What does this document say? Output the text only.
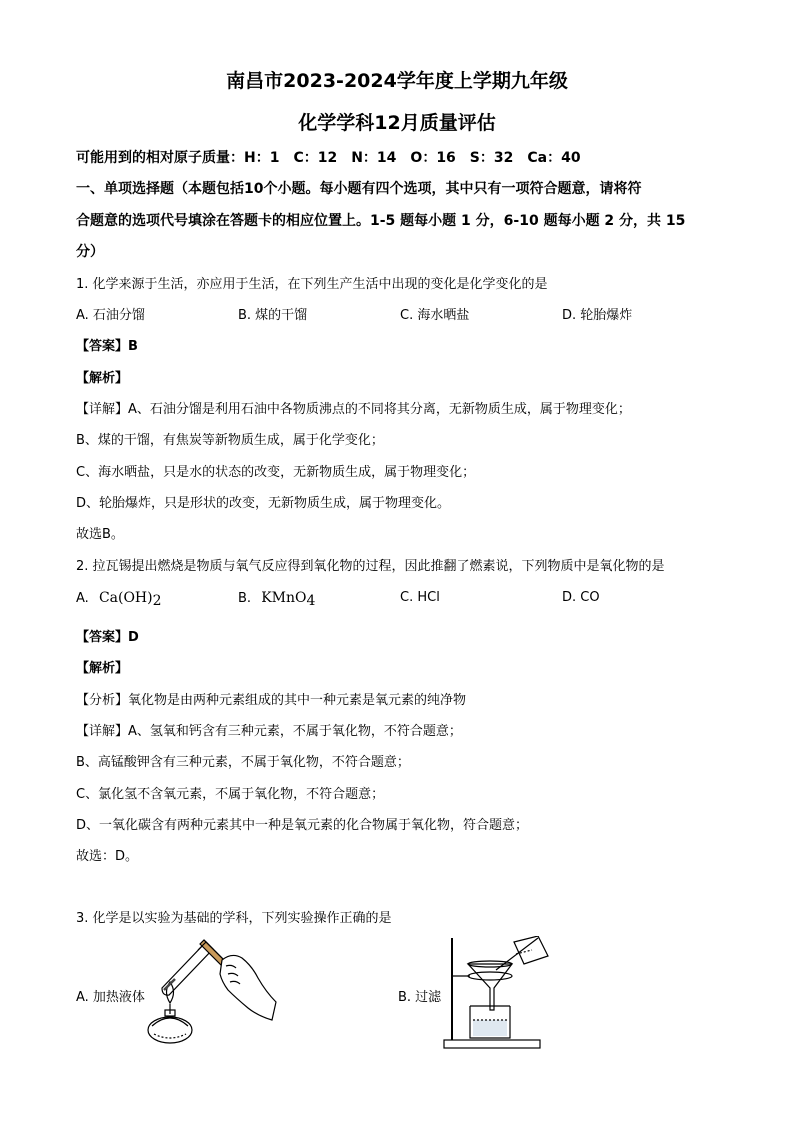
南昌市2023-2024学年度上学期九年级
化学学科12月质量评估
可能用到的相对原子质量：H：1　C：12　N：14　O：16　S：32　Ca：40
一、单项选择题（本题包括10个小题。每小题有四个选项，其中只有一项符合题意，请将符
合题意的选项代号填涂在答题卡的相应位置上。1-5 题每小题 1 分，6-10 题每小题 2 分，共 15
分）
1. 化学来源于生活，亦应用于生活，在下列生产生活中出现的变化是化学变化的是
A. 石油分馏	B. 煤的干馏	C. 海水晒盐	D. 轮胎爆炸
【答案】B
【解析】
【详解】A、石油分馏是利用石油中各物质沸点的不同将其分离，无新物质生成，属于物理变化；
B、煤的干馏，有焦炭等新物质生成，属于化学变化；
C、海水晒盐，只是水的状态的改变，无新物质生成，属于物理变化；
D、轮胎爆炸，只是形状的改变，无新物质生成，属于物理变化。
故选B。
2. 拉瓦锡提出燃烧是物质与氧气反应得到氧化物的过程，因此推翻了燃素说，下列物质中是氧化物的是
A. Ca(OH)2	B. KMnO4	C. HCl	D. CO
【答案】D
【解析】
【分析】氧化物是由两种元素组成的其中一种元素是氧元素的纯净物
【详解】A、氢氧和钙含有三种元素，不属于氧化物，不符合题意；
B、高锰酸钾含有三种元素，不属于氧化物，不符合题意；
C、氯化氢不含氧元素，不属于氧化物，不符合题意；
D、一氧化碳含有两种元素其中一种是氧元素的化合物属于氧化物，符合题意；
故选：D。
3. 化学是以实验为基础的学科，下列实验操作正确的是
A. 加热液体	B. 过滤
